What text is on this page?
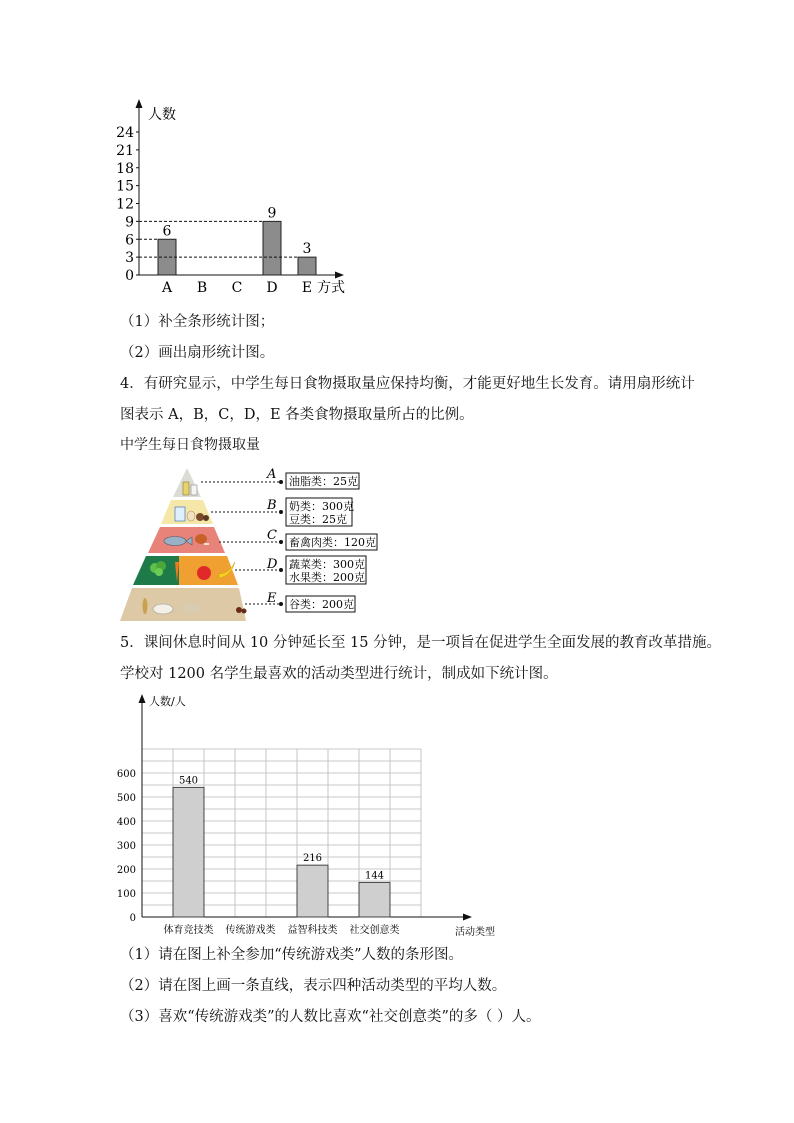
人数
方式
0
3
6
9
12
15
18
21
24
A
6
B C D
9
E
3
（1）补全条形统计图；
（2）画出扇形统计图。
4．有研究显示，中学生每日食物摄取量应保持均衡，才能更好地生长发育。请用扇形统计
图表示 A，B，C，D，E 各类食物摄取量所占的比例。
中学生每日食物摄取量
A
B
C
D
E
油脂类：25克
奶类：300克
豆类：25克
畜禽肉类：120克
蔬菜类：300克
水果类：200克
谷类：200克
5．课间休息时间从 10 分钟延长至 15 分钟，是一项旨在促进学生全面发展的教育改革措施。
学校对 1200 名学生最喜欢的活动类型进行统计，制成如下统计图。
人数/人
活动类型
0
100
200
300
400
500
600
体育竞技类
540
传统游戏类 益智科技类
216
社交创意类
144
（1）请在图上补全参加“传统游戏类”人数的条形图。
（2）请在图上画一条直线，表示四种活动类型的平均人数。
（3）喜欢“传统游戏类”的人数比喜欢“社交创意类”的多（ ）人。
